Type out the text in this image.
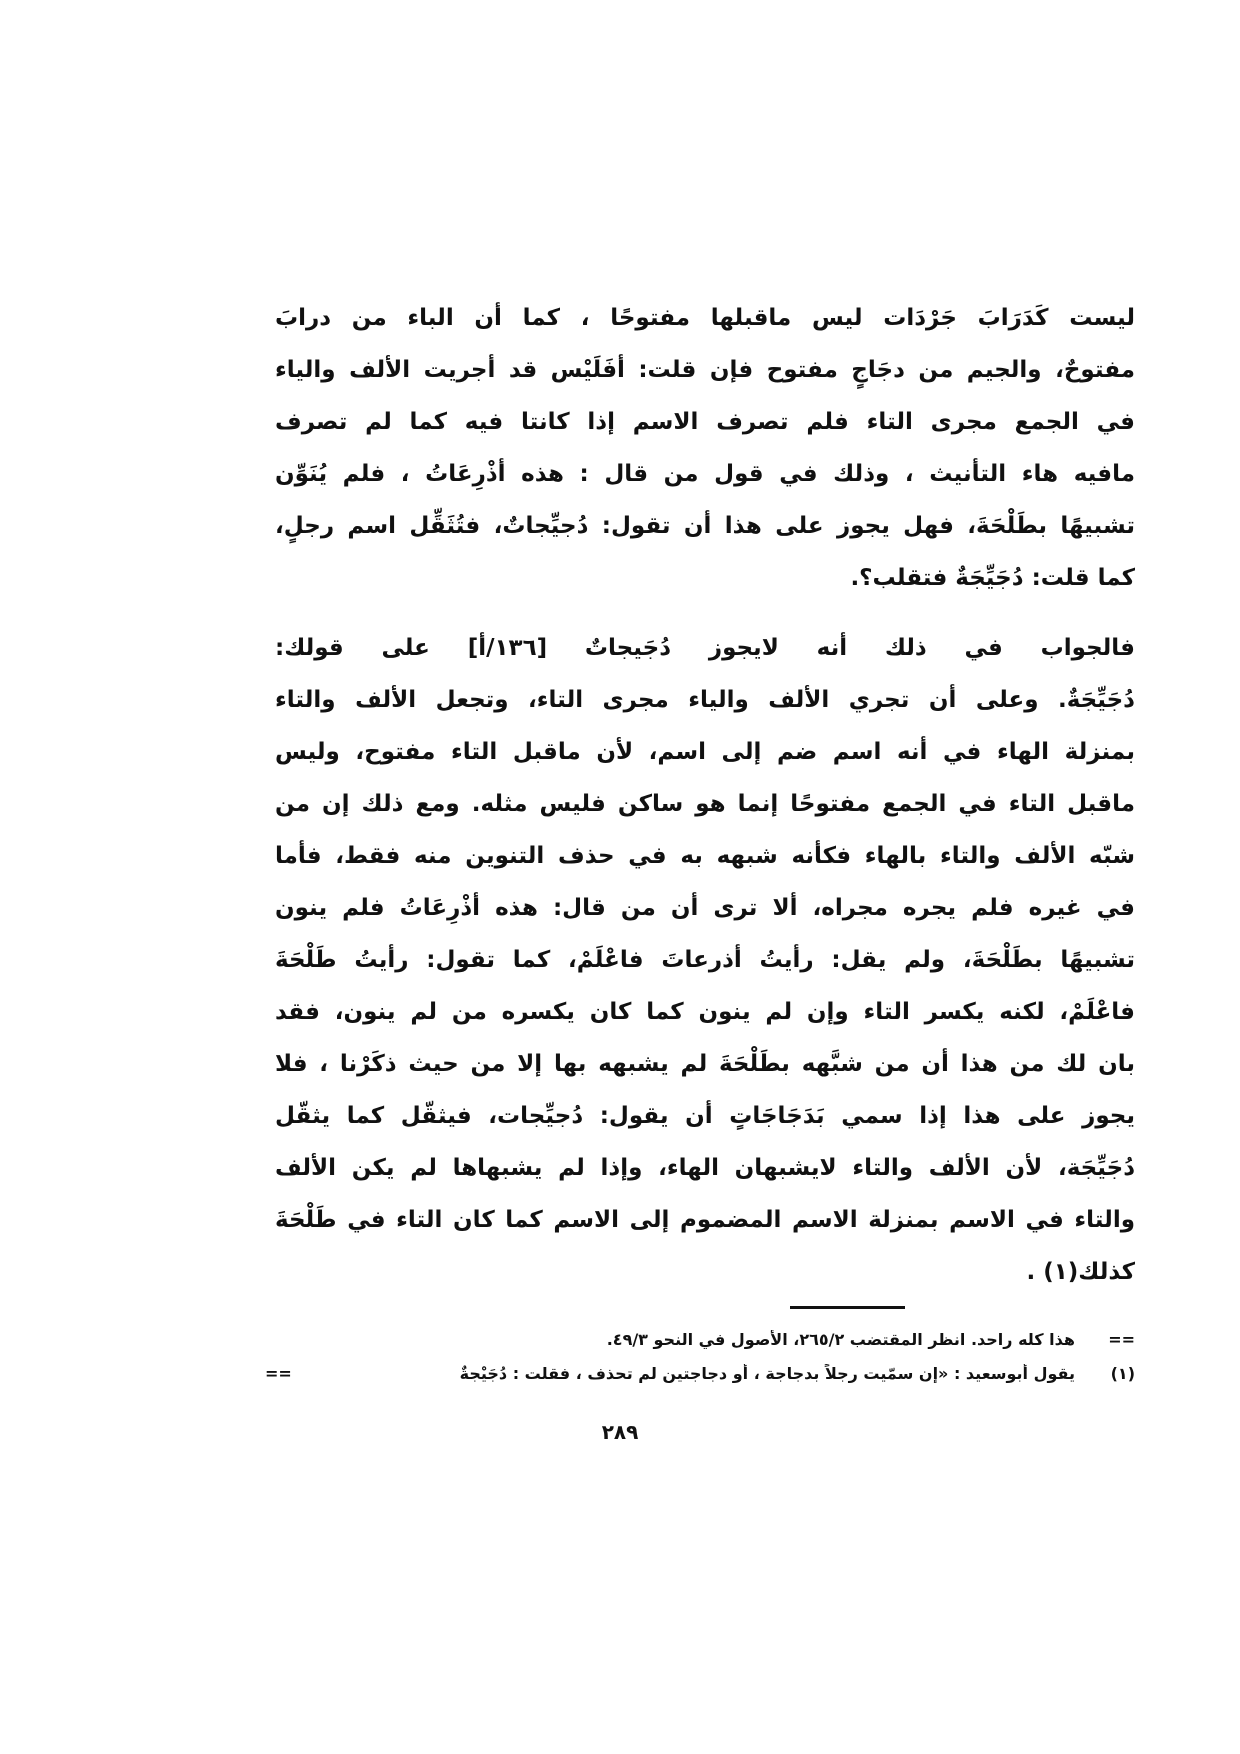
ليست كَدَرَابَ جَرْدَات ليس ماقبلها مفتوحًا ، كما أن الباء من درابَ
مفتوحٌ، والجيم من دجَاجٍ مفتوح فإن قلت: أفَلَيْس قد أجريت الألف والياء
في الجمع مجرى التاء فلم تصرف الاسم إذا كانتا فيه كما لم تصرف
مافيه هاء التأنيث ، وذلك في قول من قال : هذه أذْرِعَاتُ ، فلم يُنَوِّن
تشبيهًا بطَلْحَةَ، فهل يجوز على هذا أن تقول: دُجيِّجاتٌ، فتُثَقِّل اسم رجلٍ،
كما قلت: دُجَيِّجَةٌ فتقلب؟.
فالجواب في ذلك أنه لايجوز دُجَيجاتٌ [١٣٦/أ] على قولك:
دُجَيِّجَةٌ. وعلى أن تجري الألف والياء مجرى التاء، وتجعل الألف والتاء
بمنزلة الهاء في أنه اسم ضم إلى اسم، لأن ماقبل التاء مفتوح، وليس
ماقبل التاء في الجمع مفتوحًا إنما هو ساكن فليس مثله. ومع ذلك إن من
شبّه الألف والتاء بالهاء فكأنه شبهه به في حذف التنوين منه فقط، فأما
في غيره فلم يجره مجراه، ألا ترى أن من قال: هذه أذْرِعَاتُ فلم ينون
تشبيهًا بطَلْحَةَ، ولم يقل: رأيتُ أذرعاتَ فاعْلَمْ، كما تقول: رأيتُ طَلْحَةَ
فاعْلَمْ، لكنه يكسر التاء وإن لم ينون كما كان يكسره من لم ينون، فقد
بان لك من هذا أن من شبَّهه بطَلْحَةَ لم يشبهه بها إلا من حيث ذكَرْنا ، فلا
يجوز على هذا إذا سمي بَدَجَاجَاتٍ أن يقول: دُجيِّجات، فيثقّل كما يثقّل
دُجَيِّجَة، لأن الألف والتاء لايشبهان الهاء، وإذا لم يشبهاها لم يكن الألف
والتاء في الاسم بمنزلة الاسم المضموم إلى الاسم كما كان التاء في طَلْحَةَ
كذلك(١) .
==
هذا كله راحد. انظر المقتضب ٢٦٥/٢، الأصول في النحو ٤٩/٣.
(١)
يقول أبوسعيد : «إن سمّيت رجلاً بدجاجة ، أو دجاجتين لم تحذف ، فقلت : دُجَيْجةٌ
==
٢٨٩
